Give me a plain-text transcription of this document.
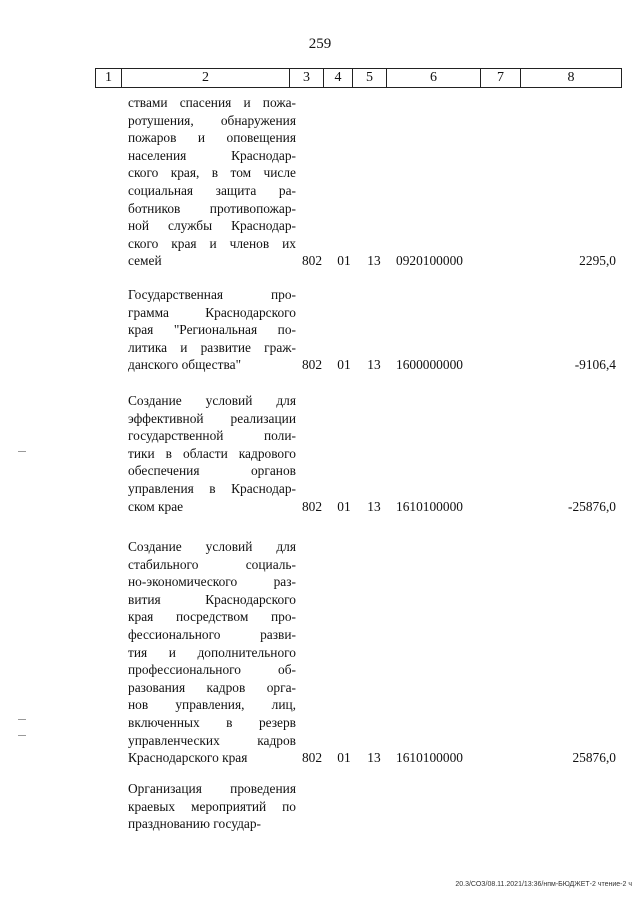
259
1	2	3	4	5	6	7	8
ствами спасения и пожа-
ротушения, обнаружения
пожаров и оповещения
населения Краснодар-
ского края, в том числе
социальная защита ра-
ботников противопожар-
ной службы Краснодар-
ского края и членов их
семей	802 01 13 0920100000	2295,0
Государственная про-
грамма Краснодарского
края "Региональная по-
литика и развитие граж-
данского общества"	802 01 13 1600000000	-9106,4
Создание условий для
эффективной реализации
государственной поли-
тики в области кадрового
обеспечения органов
управления в Краснодар-
ском крае	802 01 13 1610100000	-25876,0
Создание условий для
стабильного социаль-
но-экономического раз-
вития Краснодарского
края посредством про-
фессионального разви-
тия и дополнительного
профессионального об-
разования кадров орга-
нов управления, лиц,
включенных в резерв
управленческих кадров
Краснодарского края	802 01 13 1610100000	25876,0
Организация проведения
краевых мероприятий по
празднованию государ-
20.3/СОЗ/08.11.2021/13:36/нпм-БЮДЖЕТ-2 чтение-2 ч
